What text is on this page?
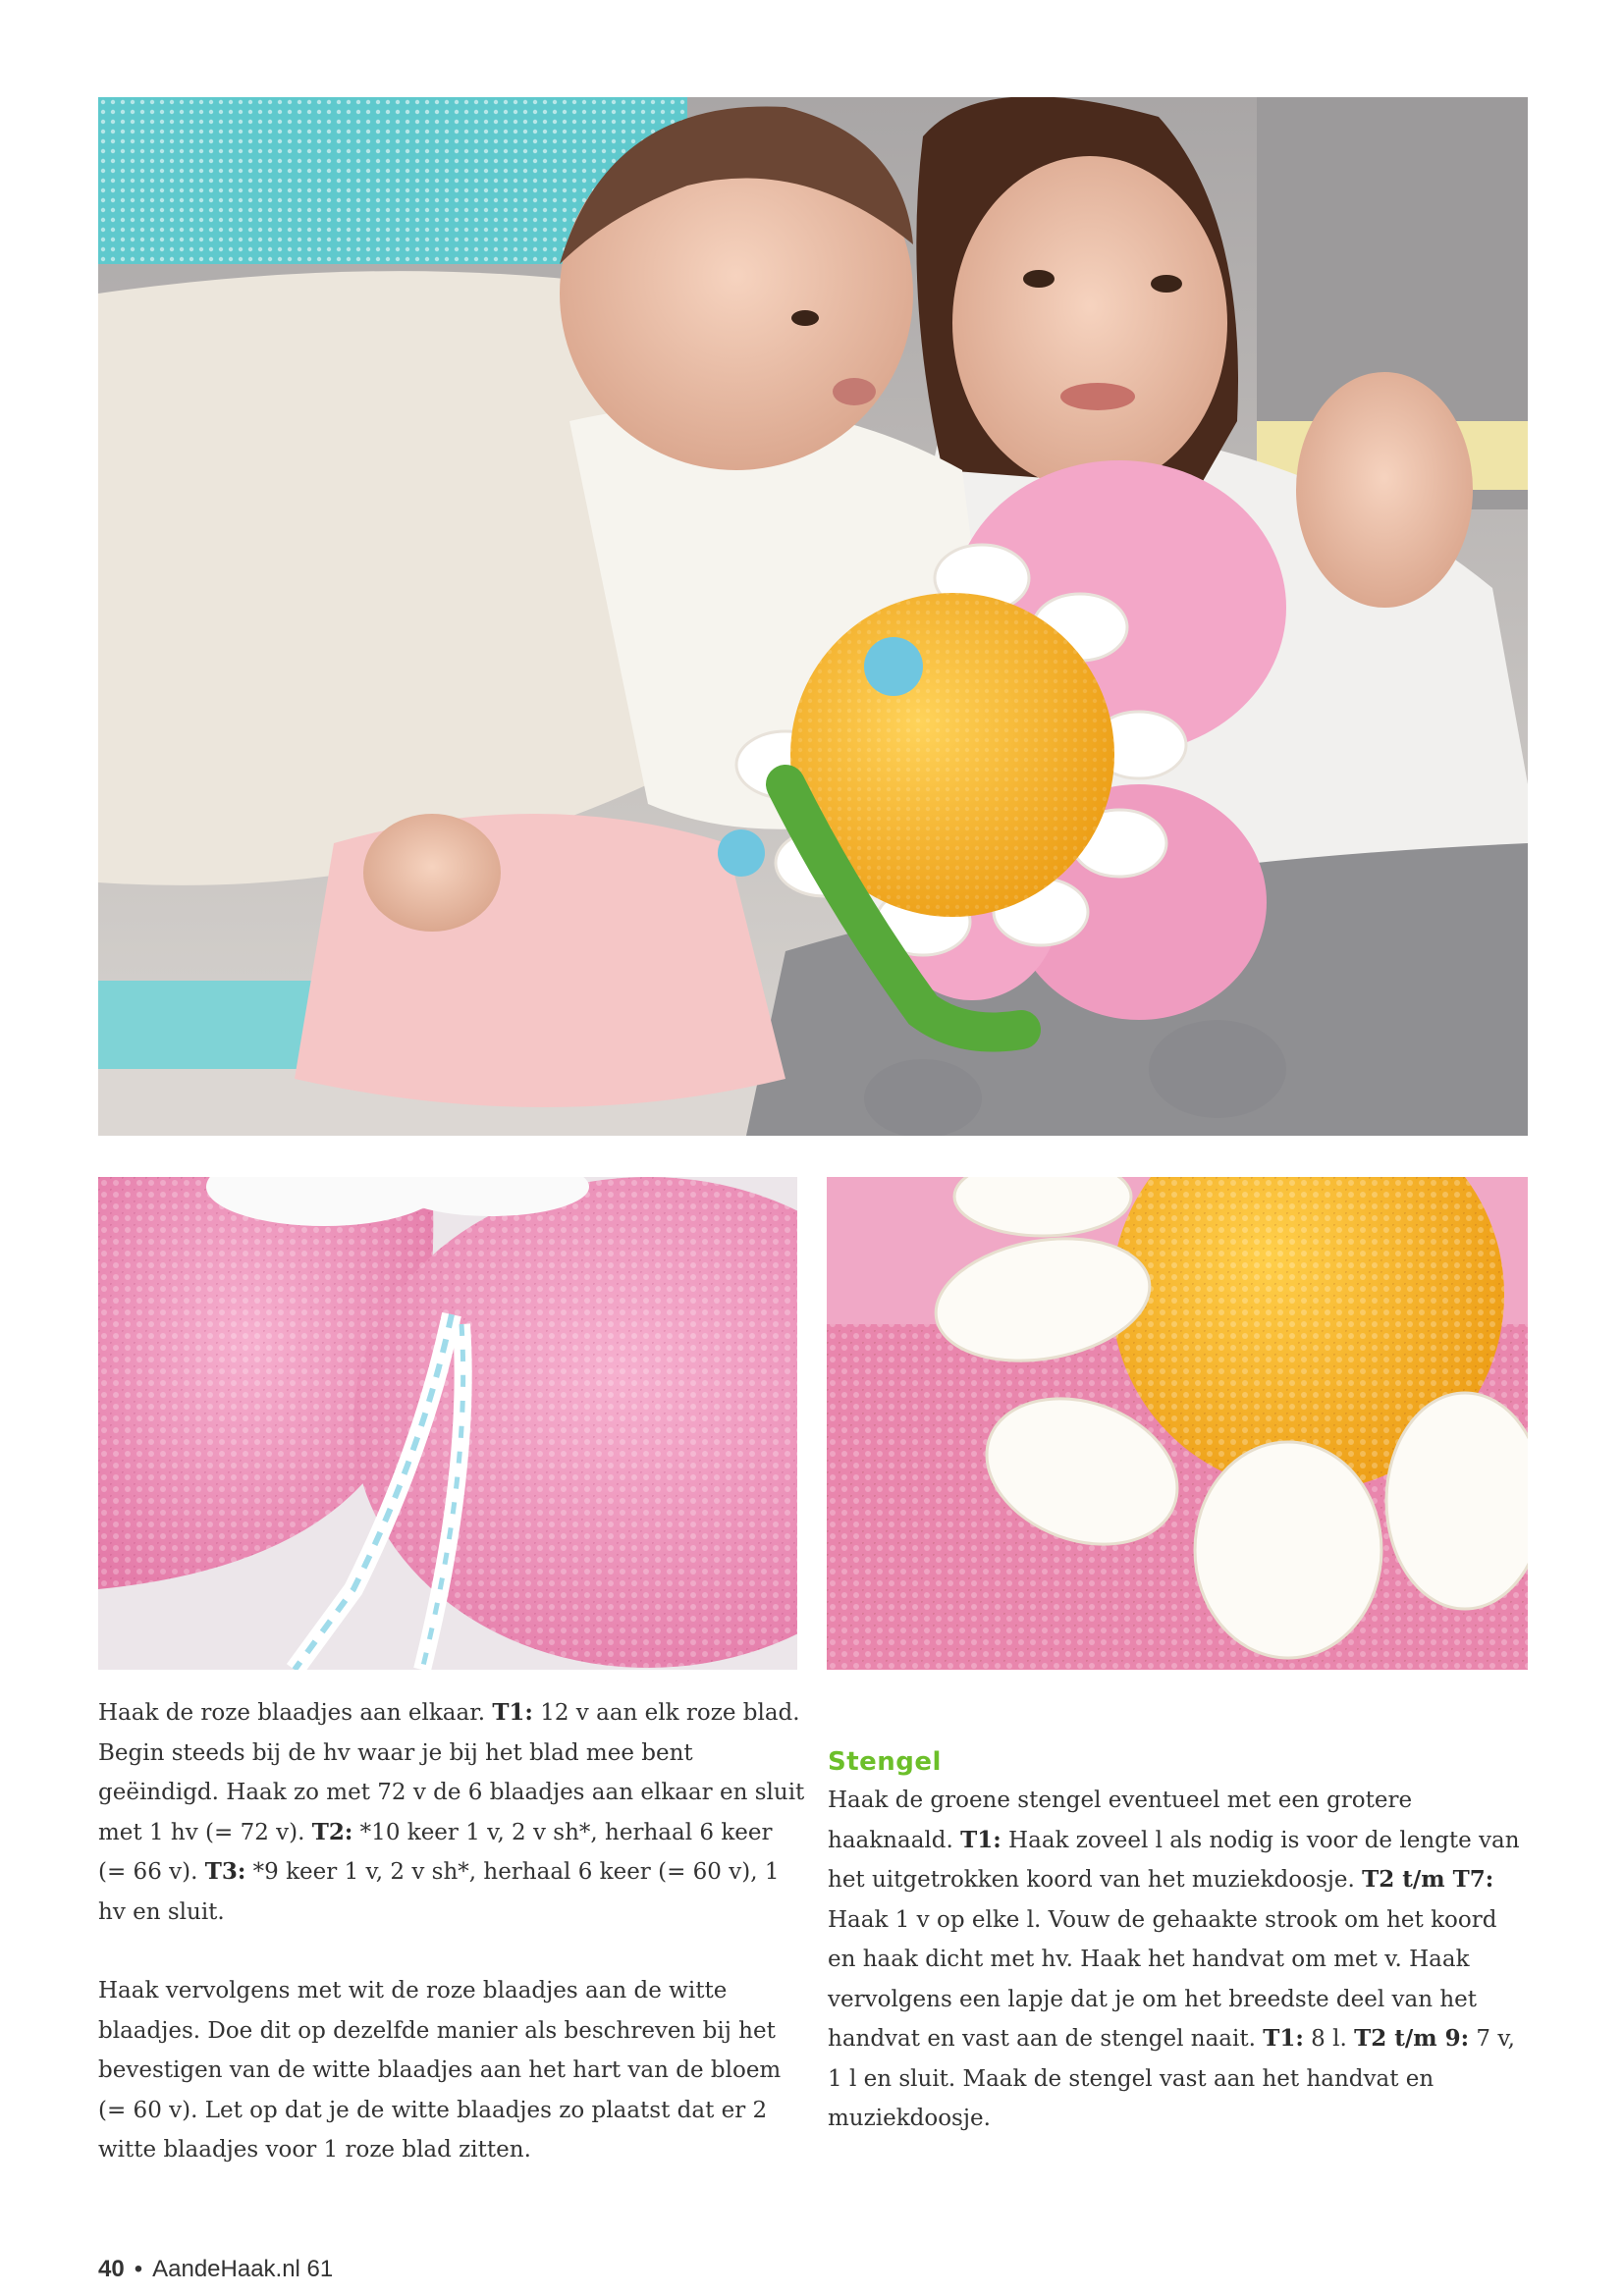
Haak de roze blaadjes aan elkaar. T1: 12 v aan elk roze blad. Begin steeds bij de hv waar je bij het blad mee bent geëindigd. Haak zo met 72 v de 6 blaadjes aan elkaar en sluit met 1 hv (= 72 v). T2: *10 keer 1 v, 2 v sh*, herhaal 6 keer (= 66 v). T3: *9 keer 1 v, 2 v sh*, herhaal 6 keer (= 60 v), 1 hv en sluit.

Haak vervolgens met wit de roze blaadjes aan de witte blaadjes. Doe dit op dezelfde manier als beschreven bij het bevestigen van de witte blaadjes aan het hart van de bloem (= 60 v). Let op dat je de witte blaadjes zo plaatst dat er 2 witte blaadjes voor 1 roze blad zitten.

Stengel

Haak de groene stengel eventueel met een grotere haaknaald. T1: Haak zoveel l als nodig is voor de lengte van het uitgetrokken koord van het muziekdoosje. T2 t/m T7: Haak 1 v op elke l. Vouw de gehaakte strook om het koord en haak dicht met hv. Haak het handvat om met v. Haak vervolgens een lapje dat je om het breedste deel van het handvat en vast aan de stengel naait. T1: 8 l. T2 t/m 9: 7 v, 1 l en sluit. Maak de stengel vast aan het handvat en muziekdoosje.

40 • AandeHaak.nl 61
